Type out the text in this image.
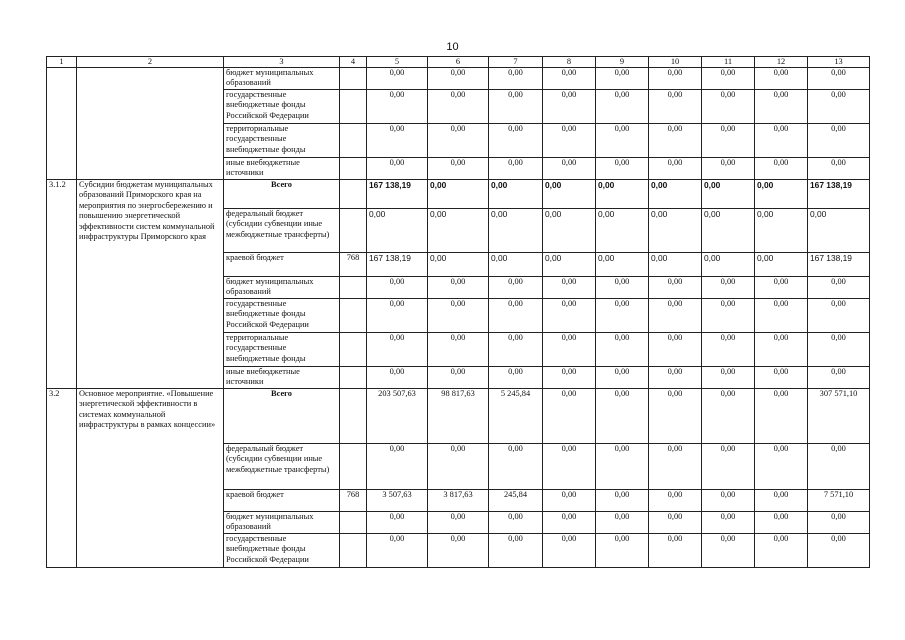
10
1	2	3	4	5	6	7	8	9	10	11	12	13
		бюджет муниципальных образований		0,00	0,00	0,00	0,00	0,00	0,00	0,00	0,00	0,00
		государственные внебюджетные фонды Российской Федерации		0,00	0,00	0,00	0,00	0,00	0,00	0,00	0,00	0,00
		территориальные государственные внебюджетные фонды		0,00	0,00	0,00	0,00	0,00	0,00	0,00	0,00	0,00
		иные внебюджетные источники		0,00	0,00	0,00	0,00	0,00	0,00	0,00	0,00	0,00
3.1.2	Субсидии бюджетам муниципальных образований Приморского края на мероприятия по энергосбережению и повышению энергетической эффективности систем коммунальной инфраструктуры Приморского края	Всего		167 138,19	0,00	0,00	0,00	0,00	0,00	0,00	0,00	167 138,19
		федеральный бюджет (субсидии субвенции иные межбюджетные трансферты)		0,00	0,00	0,00	0,00	0,00	0,00	0,00	0,00	0,00
		краевой бюджет	768	167 138,19	0,00	0,00	0,00	0,00	0,00	0,00	0,00	167 138,19
		бюджет муниципальных образований		0,00	0,00	0,00	0,00	0,00	0,00	0,00	0,00	0,00
		государственные внебюджетные фонды Российской Федерации		0,00	0,00	0,00	0,00	0,00	0,00	0,00	0,00	0,00
		территориальные государственные внебюджетные фонды		0,00	0,00	0,00	0,00	0,00	0,00	0,00	0,00	0,00
		иные внебюджетные источники		0,00	0,00	0,00	0,00	0,00	0,00	0,00	0,00	0,00
3.2	Основное мероприятие. «Повышение энергетической эффективности в системах коммунальной инфраструктуры в рамках концессии»	Всего		203 507,63	98 817,63	5 245,84	0,00	0,00	0,00	0,00	0,00	307 571,10
		федеральный бюджет (субсидии субвенции иные межбюджетные трансферты)		0,00	0,00	0,00	0,00	0,00	0,00	0,00	0,00	0,00
		краевой бюджет	768	3 507,63	3 817,63	245,84	0,00	0,00	0,00	0,00	0,00	7 571,10
		бюджет муниципальных образований		0,00	0,00	0,00	0,00	0,00	0,00	0,00	0,00	0,00
		государственные внебюджетные фонды Российской Федерации		0,00	0,00	0,00	0,00	0,00	0,00	0,00	0,00	0,00
